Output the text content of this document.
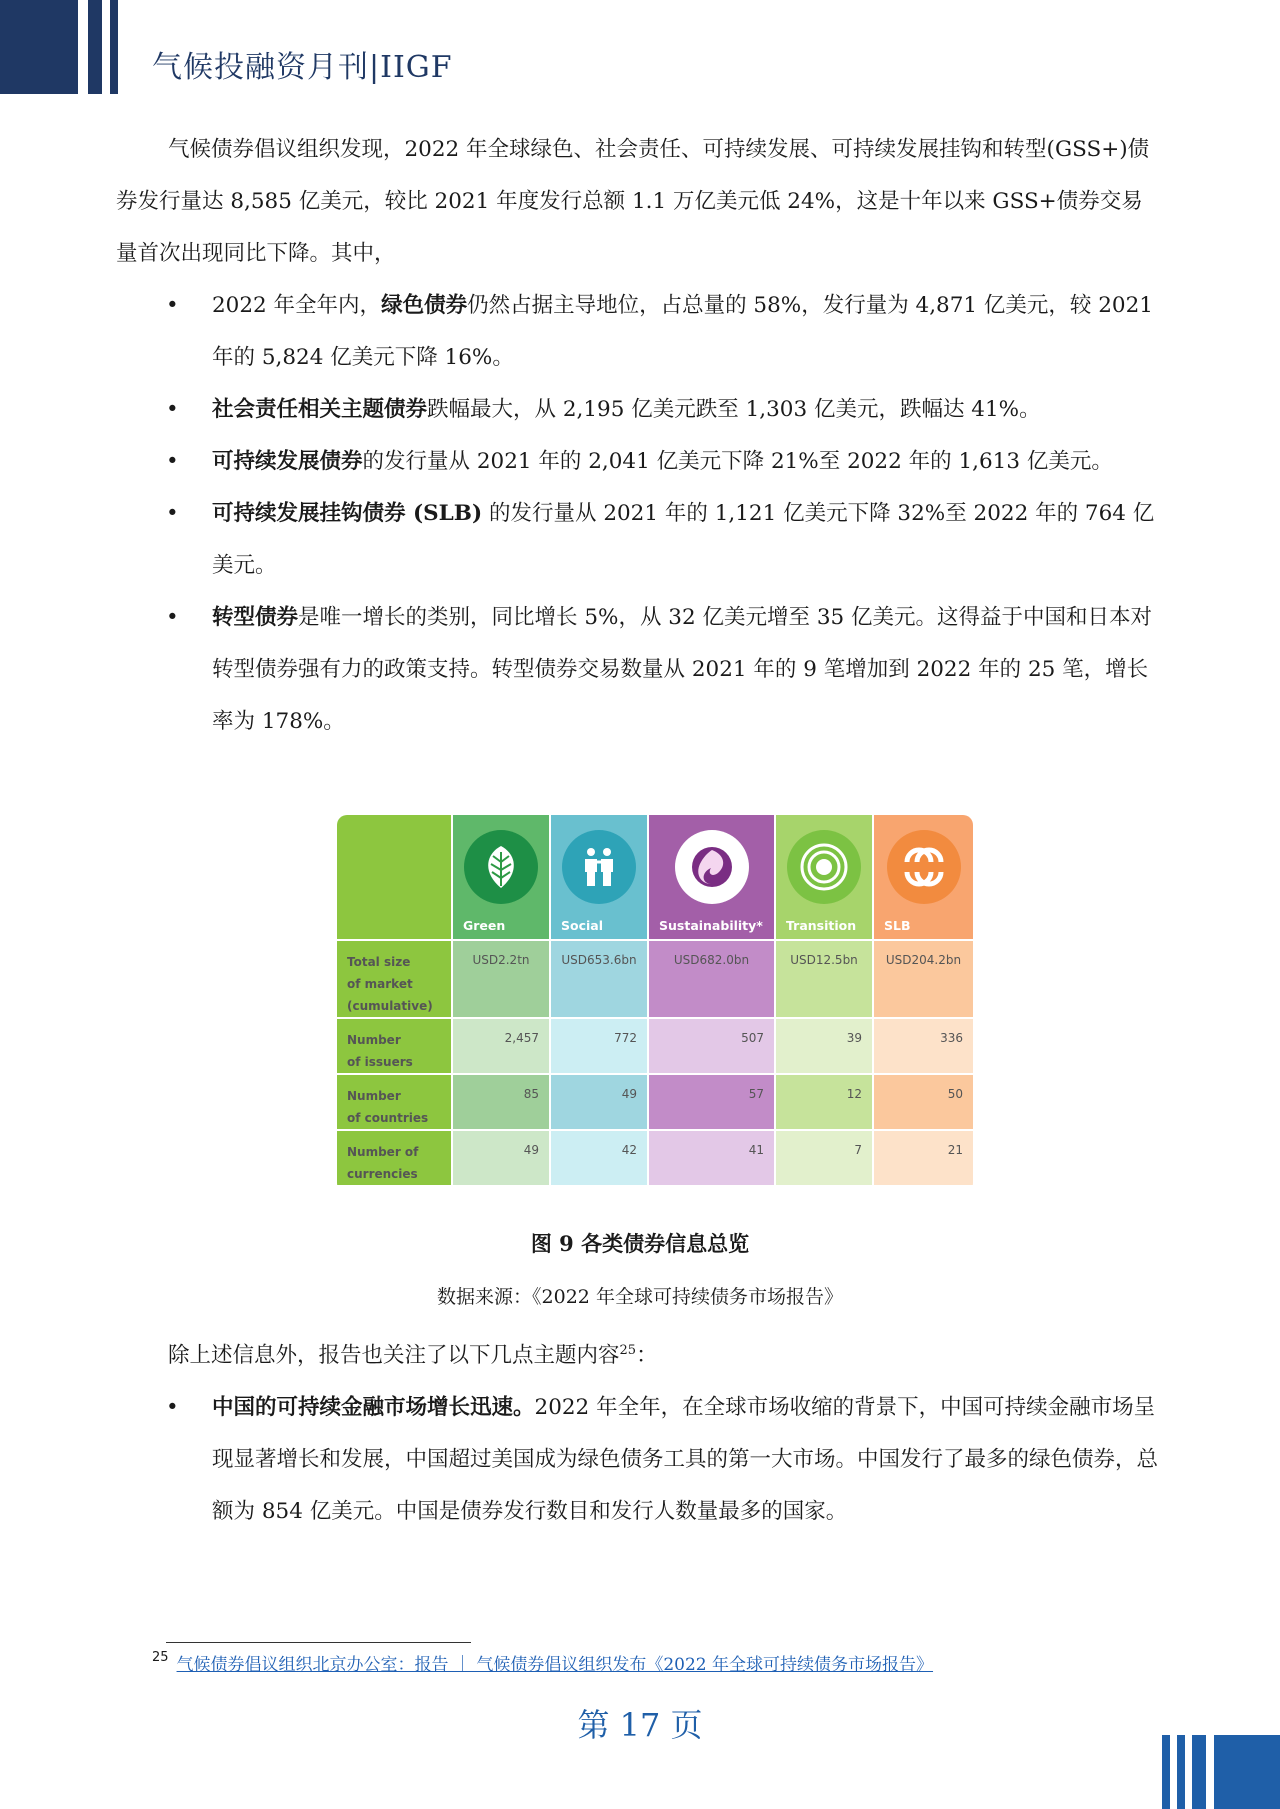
气候投融资月刊|IIGF
气候债券倡议组织发现，2022 年全球绿色、社会责任、可持续发展、可持续发展挂钩和转型(GSS+)债券发行量达 8,585 亿美元，较比 2021 年度发行总额 1.1 万亿美元低 24%，这是十年以来 GSS+债券交易量首次出现同比下降。其中，
• 2022 年全年内，绿色债券仍然占据主导地位，占总量的 58%，发行量为 4,871 亿美元，较 2021 年的 5,824 亿美元下降 16%。
• 社会责任相关主题债券跌幅最大，从 2,195 亿美元跌至 1,303 亿美元，跌幅达 41%。
• 可持续发展债券的发行量从 2021 年的 2,041 亿美元下降 21%至 2022 年的 1,613 亿美元。
• 可持续发展挂钩债券 (SLB) 的发行量从 2021 年的 1,121 亿美元下降 32%至 2022 年的 764 亿美元。
• 转型债券是唯一增长的类别，同比增长 5%，从 32 亿美元增至 35 亿美元。这得益于中国和日本对转型债券强有力的政策支持。转型债券交易数量从 2021 年的 9 笔增加到 2022 年的 25 笔，增长率为 178%。

	Green	Social	Sustainability*	Transition	SLB

Total size
of market
(cumulative)	USD2.2tn	USD653.6bn	USD682.0bn	USD12.5bn	USD204.2bn
Number
of issuers	2,457	772	507	39	336
Number
of countries	85	49	57	12	50
Number of
currencies	49	42	41	7	21
图 9 各类债券信息总览
数据来源：《2022 年全球可持续债务市场报告》
除上述信息外，报告也关注了以下几点主题内容$^{25}$：
• 中国的可持续金融市场增长迅速。2022 年全年，在全球市场收缩的背景下，中国可持续金融市场呈现显著增长和发展，中国超过美国成为绿色债务工具的第一大市场。中国发行了最多的绿色债券，总额为 854 亿美元。中国是债券发行数目和发行人数量最多的国家。
$^{25}$ 气候债券倡议组织北京办公室：报告 ｜ 气候债券倡议组织发布《2022 年全球可持续债务市场报告》
第 17 页
